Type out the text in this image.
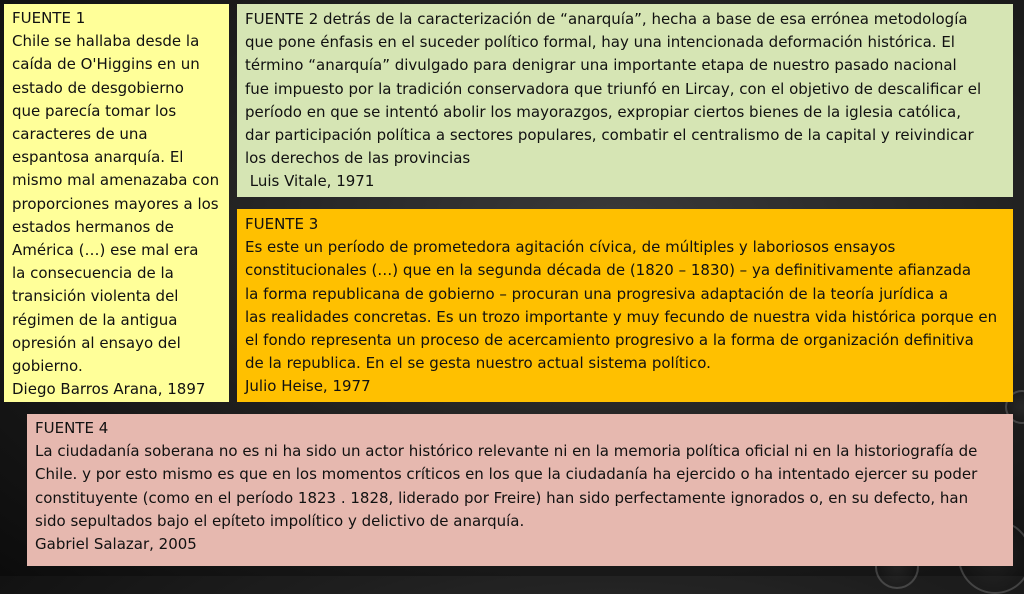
FUENTE 1
Chile se hallaba desde la
caída de O'Higgins en un
estado de desgobierno
que parecía tomar los
caracteres de una
espantosa anarquía. El
mismo mal amenazaba con
proporciones mayores a los
estados hermanos de
América (…) ese mal era
la consecuencia de la
transición violenta del
régimen de la antigua
opresión al ensayo del
gobierno.
Diego Barros Arana, 1897
FUENTE 2 detrás de la caracterización de “anarquía”, hecha a base de esa errónea metodología
que pone énfasis en el suceder político formal, hay una intencionada deformación histórica. El
término “anarquía” divulgado para denigrar una importante etapa de nuestro pasado nacional
fue impuesto por la tradición conservadora que triunfó en Lircay, con el objetivo de descalificar el
período en que se intentó abolir los mayorazgos, expropiar ciertos bienes de la iglesia católica,
dar participación política a sectores populares, combatir el centralismo de la capital y reivindicar
los derechos de las provincias
Luis Vitale, 1971
FUENTE 3
Es este un período de prometedora agitación cívica, de múltiples y laboriosos ensayos
constitucionales (…) que en la segunda década de (1820 – 1830) – ya definitivamente afianzada
la forma republicana de gobierno – procuran una progresiva adaptación de la teoría jurídica a
las realidades concretas. Es un trozo importante y muy fecundo de nuestra vida histórica porque en
el fondo representa un proceso de acercamiento progresivo a la forma de organización definitiva
de la republica. En el se gesta nuestro actual sistema político.
Julio Heise, 1977
FUENTE 4
La ciudadanía soberana no es ni ha sido un actor histórico relevante ni en la memoria política oficial ni en la historiografía de
Chile. y por esto mismo es que en los momentos críticos en los que la ciudadanía ha ejercido o ha intentado ejercer su poder
constituyente (como en el período 1823 . 1828, liderado por Freire) han sido perfectamente ignorados o, en su defecto, han
sido sepultados bajo el epíteto impolítico y delictivo de anarquía.
Gabriel Salazar, 2005
